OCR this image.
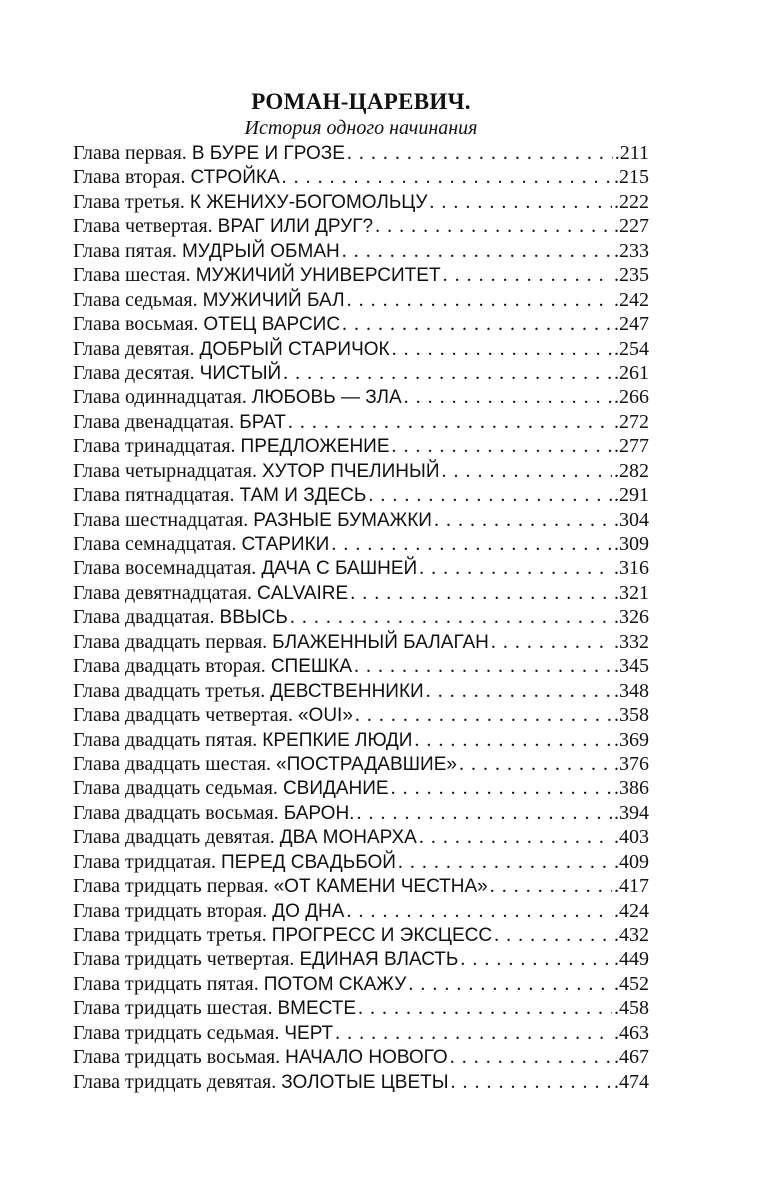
РОМАН-ЦАРЕВИЧ.
История одного начинания
Глава первая. В БУРЕ И ГРОЗЕ . . .	.211
Глава вторая. СТРОЙКА . . .	.215
Глава третья. К ЖЕНИХУ-БОГОМОЛЬЦУ . . .	.222
Глава четвертая. ВРАГ ИЛИ ДРУГ? . . .	.227
Глава пятая. МУДРЫЙ ОБМАН . . .	.233
Глава шестая. МУЖИЧИЙ УНИВЕРСИТЕТ . . .	.235
Глава седьмая. МУЖИЧИЙ БАЛ . . .	.242
Глава восьмая. ОТЕЦ ВАРСИС . . .	.247
Глава девятая. ДОБРЫЙ СТАРИЧОК . . .	.254
Глава десятая. ЧИСТЫЙ . . .	.261
Глава одиннадцатая. ЛЮБОВЬ — ЗЛА . . .	.266
Глава двенадцатая. БРАТ . . .	.272
Глава тринадцатая. ПРЕДЛОЖЕНИЕ . . .	.277
Глава четырнадцатая. ХУТОР ПЧЕЛИНЫЙ . . .	.282
Глава пятнадцатая. ТАМ И ЗДЕСЬ . . .	.291
Глава шестнадцатая. РАЗНЫЕ БУМАЖКИ . . .	.304
Глава семнадцатая. СТАРИКИ . . .	.309
Глава восемнадцатая. ДАЧА С БАШНЕЙ . . .	.316
Глава девятнадцатая. CALVAIRE . . .	.321
Глава двадцатая. ВВЫСЬ . . .	.326
Глава двадцать первая. БЛАЖЕННЫЙ БАЛАГАН . . .	.332
Глава двадцать вторая. СПЕШКА . . .	.345
Глава двадцать третья. ДЕВСТВЕННИКИ . . .	.348
Глава двадцать четвертая. «OUI» . . .	.358
Глава двадцать пятая. КРЕПКИЕ ЛЮДИ . . .	.369
Глава двадцать шестая. «ПОСТРАДАВШИЕ» . . .	.376
Глава двадцать седьмая. СВИДАНИЕ . . .	.386
Глава двадцать восьмая. БАРОН. . . .	.394
Глава двадцать девятая. ДВА МОНАРХА . . .	.403
Глава тридцатая. ПЕРЕД СВАДЬБОЙ . . .	.409
Глава тридцать первая. «ОТ КАМЕНИ ЧЕСТНА» . . .	.417
Глава тридцать вторая. ДО ДНА . . .	.424
Глава тридцать третья. ПРОГРЕСС И ЭКСЦЕСС . . .	.432
Глава тридцать четвертая. ЕДИНАЯ ВЛАСТЬ . . .	.449
Глава тридцать пятая. ПОТОМ СКАЖУ . . .	.452
Глава тридцать шестая. ВМЕСТЕ . . .	.458
Глава тридцать седьмая. ЧЕРТ . . .	.463
Глава тридцать восьмая. НАЧАЛО НОВОГО . . .	.467
Глава тридцать девятая. ЗОЛОТЫЕ ЦВЕТЫ . . .	.474
